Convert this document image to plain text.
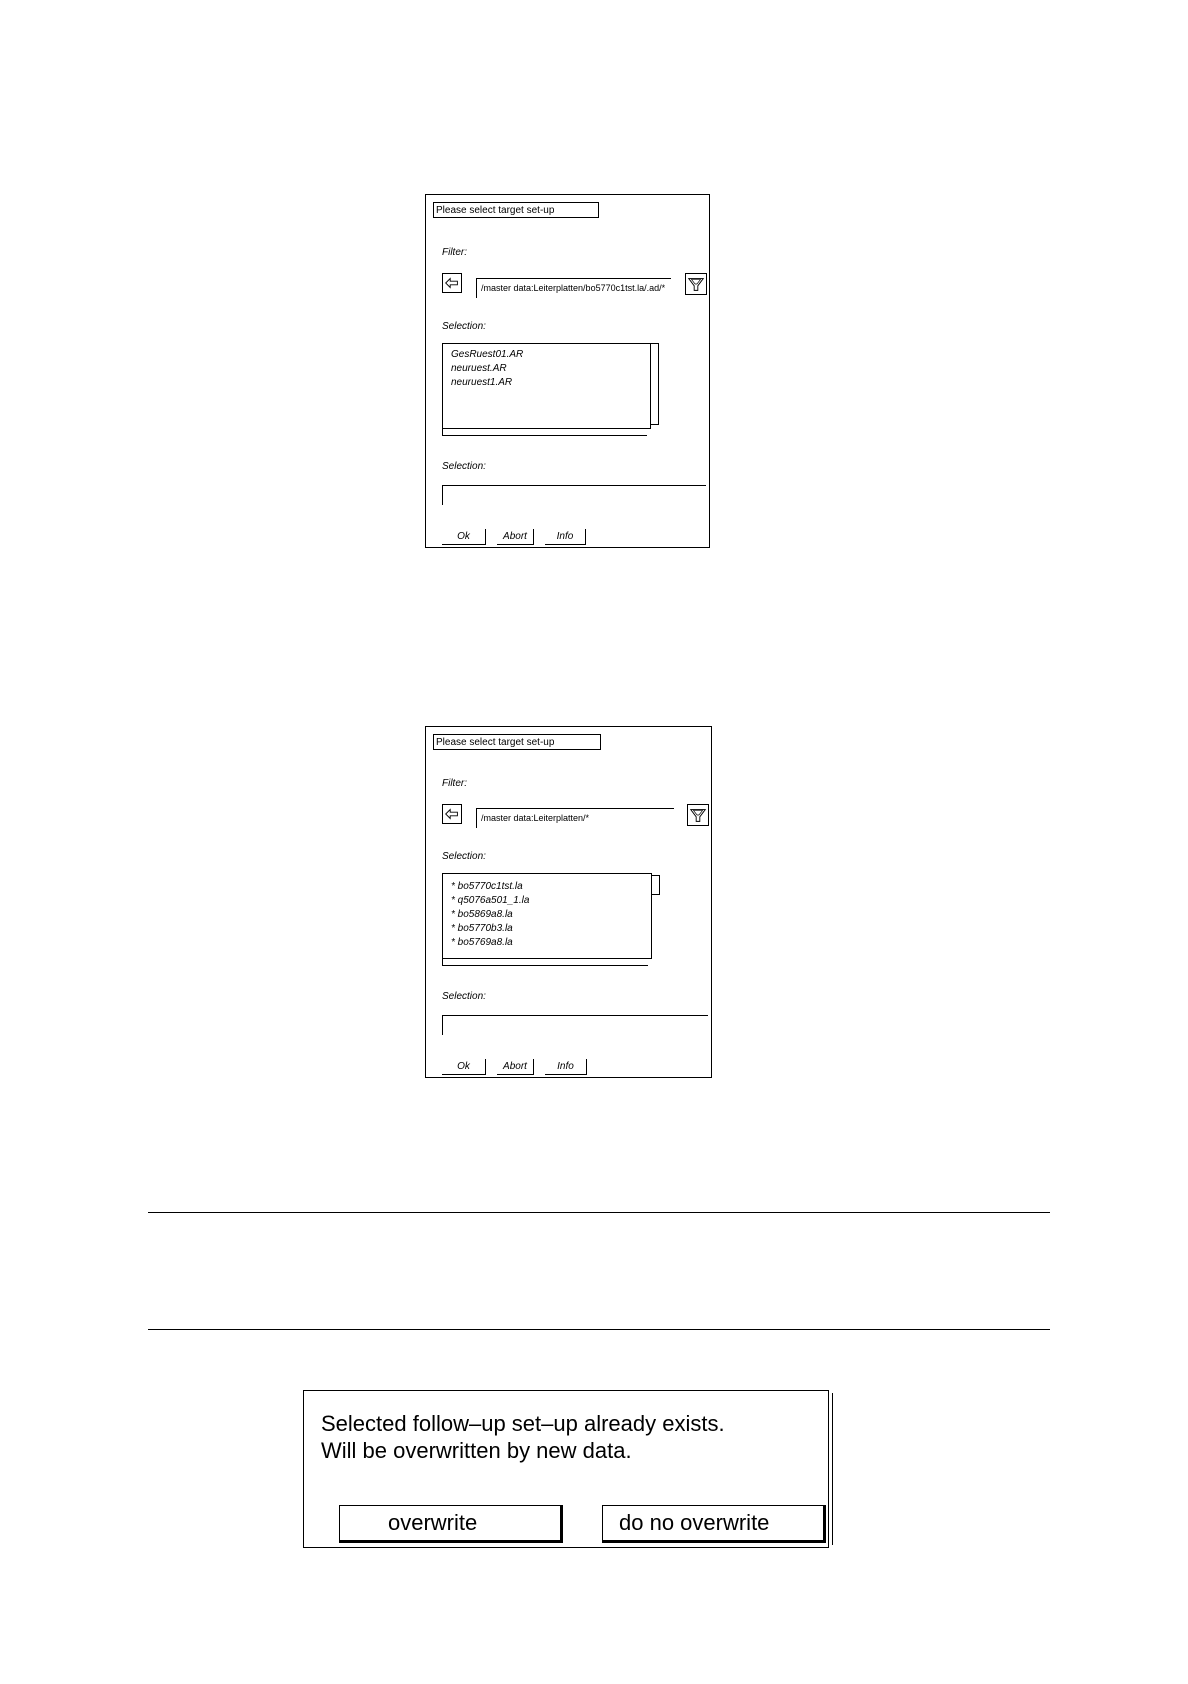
Please select target set-up
Filter:
/master data:Leiterplatten/bo5770c1tst.la/.ad/*
Selection:
GesRuest01.AR
neuruest.AR
neuruest1.AR
Selection:
Ok	Abort	Info
Please select target set-up
Filter:
/master data:Leiterplatten/*
Selection:
* bo5770c1tst.la
* q5076a501_1.la
* bo5869a8.la
* bo5770b3.la
* bo5769a8.la
Selection:
Ok	Abort	Info
Selected follow–up set–up already exists.
Will be overwritten by new data.
overwrite	do no overwrite
